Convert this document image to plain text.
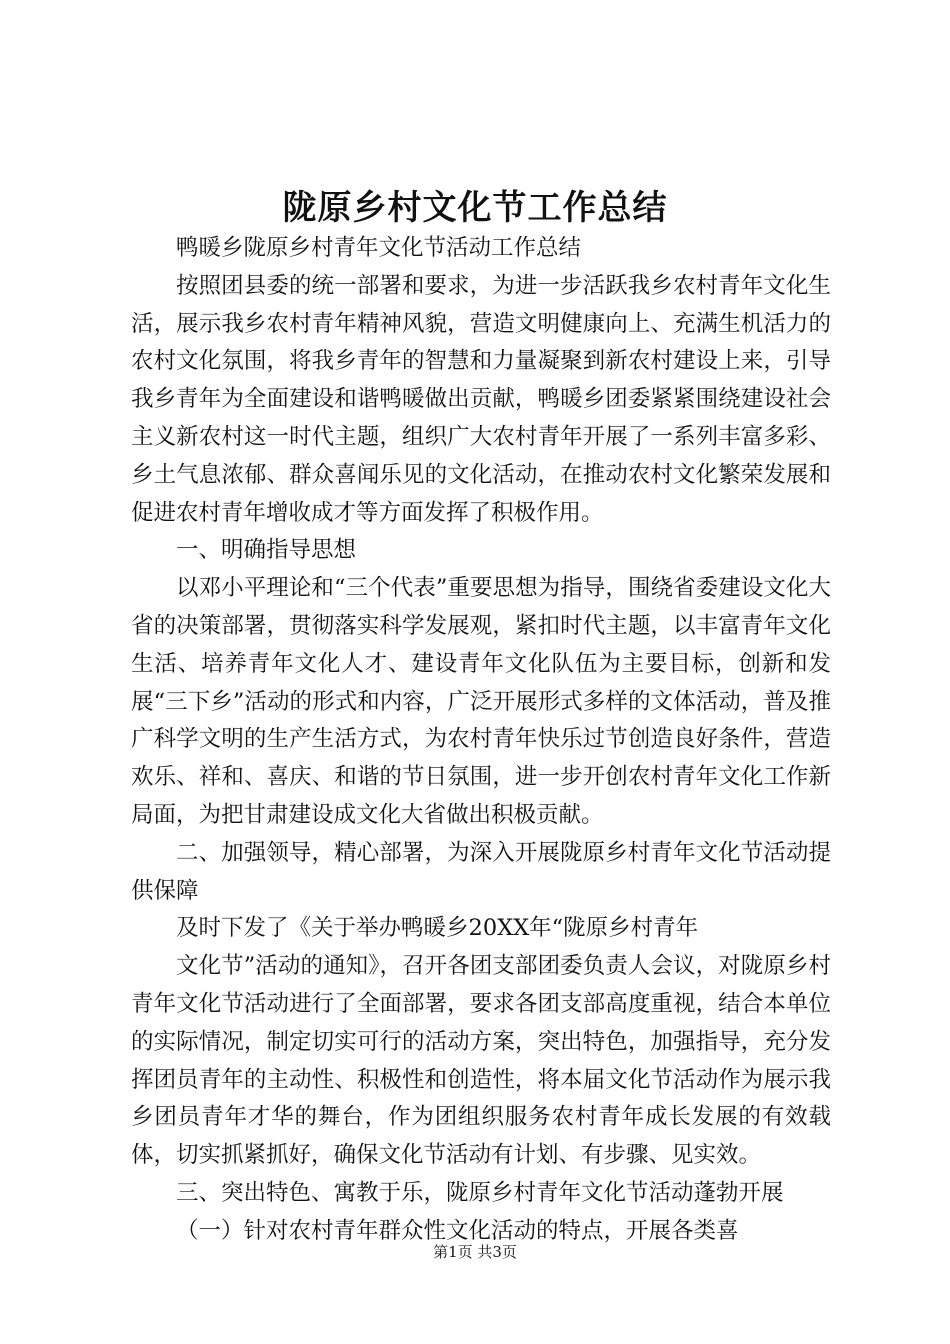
陇原乡村文化节工作总结

鸭暖乡陇原乡村青年文化节活动工作总结

按照团县委的统一部署和要求，为进一步活跃我乡农村青年文化生活，展示我乡农村青年精神风貌，营造文明健康向上、充满生机活力的农村文化氛围，将我乡青年的智慧和力量凝聚到新农村建设上来，引导我乡青年为全面建设和谐鸭暖做出贡献，鸭暖乡团委紧紧围绕建设社会主义新农村这一时代主题，组织广大农村青年开展了一系列丰富多彩、乡土气息浓郁、群众喜闻乐见的文化活动，在推动农村文化繁荣发展和促进农村青年增收成才等方面发挥了积极作用。

一、明确指导思想

以邓小平理论和“三个代表”重要思想为指导，围绕省委建设文化大省的决策部署，贯彻落实科学发展观，紧扣时代主题，以丰富青年文化生活、培养青年文化人才、建设青年文化队伍为主要目标，创新和发展“三下乡”活动的形式和内容，广泛开展形式多样的文体活动，普及推广科学文明的生产生活方式，为农村青年快乐过节创造良好条件，营造欢乐、祥和、喜庆、和谐的节日氛围，进一步开创农村青年文化工作新局面，为把甘肃建设成文化大省做出积极贡献。

二、加强领导，精心部署，为深入开展陇原乡村青年文化节活动提供保障

及时下发了《关于举办鸭暖乡20XX年“陇原乡村青年

文化节”活动的通知》，召开各团支部团委负责人会议，对陇原乡村青年文化节活动进行了全面部署，要求各团支部高度重视，结合本单位的实际情况，制定切实可行的活动方案，突出特色，加强指导，充分发挥团员青年的主动性、积极性和创造性，将本届文化节活动作为展示我乡团员青年才华的舞台，作为团组织服务农村青年成长发展的有效载体，切实抓紧抓好，确保文化节活动有计划、有步骤、见实效。

三、突出特色、寓教于乐，陇原乡村青年文化节活动蓬勃开展

（一）针对农村青年群众性文化活动的特点，开展各类喜

第1页 共3页
